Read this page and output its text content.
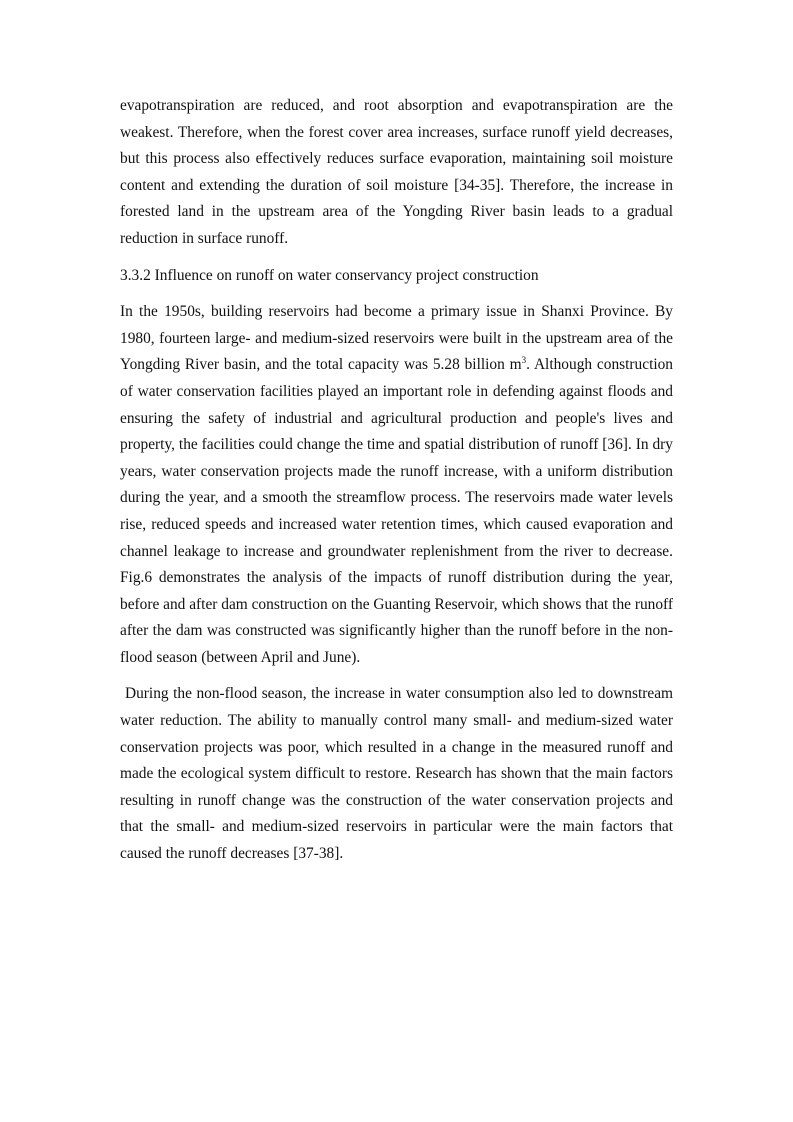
evapotranspiration are reduced, and root absorption and evapotranspiration are the weakest. Therefore, when the forest cover area increases, surface runoff yield decreases, but this process also effectively reduces surface evaporation, maintaining soil moisture content and extending the duration of soil moisture [34-35]. Therefore, the increase in forested land in the upstream area of the Yongding River basin leads to a gradual reduction in surface runoff.

3.3.2 Influence on runoff on water conservancy project construction

In the 1950s, building reservoirs had become a primary issue in Shanxi Province. By 1980, fourteen large- and medium-sized reservoirs were built in the upstream area of the Yongding River basin, and the total capacity was 5.28 billion $m^3$. Although construction of water conservation facilities played an important role in defending against floods and ensuring the safety of industrial and agricultural production and people's lives and property, the facilities could change the time and spatial distribution of runoff [36]. In dry years, water conservation projects made the runoff increase, with a uniform distribution during the year, and a smooth the streamflow process. The reservoirs made water levels rise, reduced speeds and increased water retention times, which caused evaporation and channel leakage to increase and groundwater replenishment from the river to decrease. Fig.6 demonstrates the analysis of the impacts of runoff distribution during the year, before and after dam construction on the Guanting Reservoir, which shows that the runoff after the dam was constructed was significantly higher than the runoff before in the non-flood season (between April and June).

During the non-flood season, the increase in water consumption also led to downstream water reduction. The ability to manually control many small- and medium-sized water conservation projects was poor, which resulted in a change in the measured runoff and made the ecological system difficult to restore. Research has shown that the main factors resulting in runoff change was the construction of the water conservation projects and that the small- and medium-sized reservoirs in particular were the main factors that caused the runoff decreases [37-38].
